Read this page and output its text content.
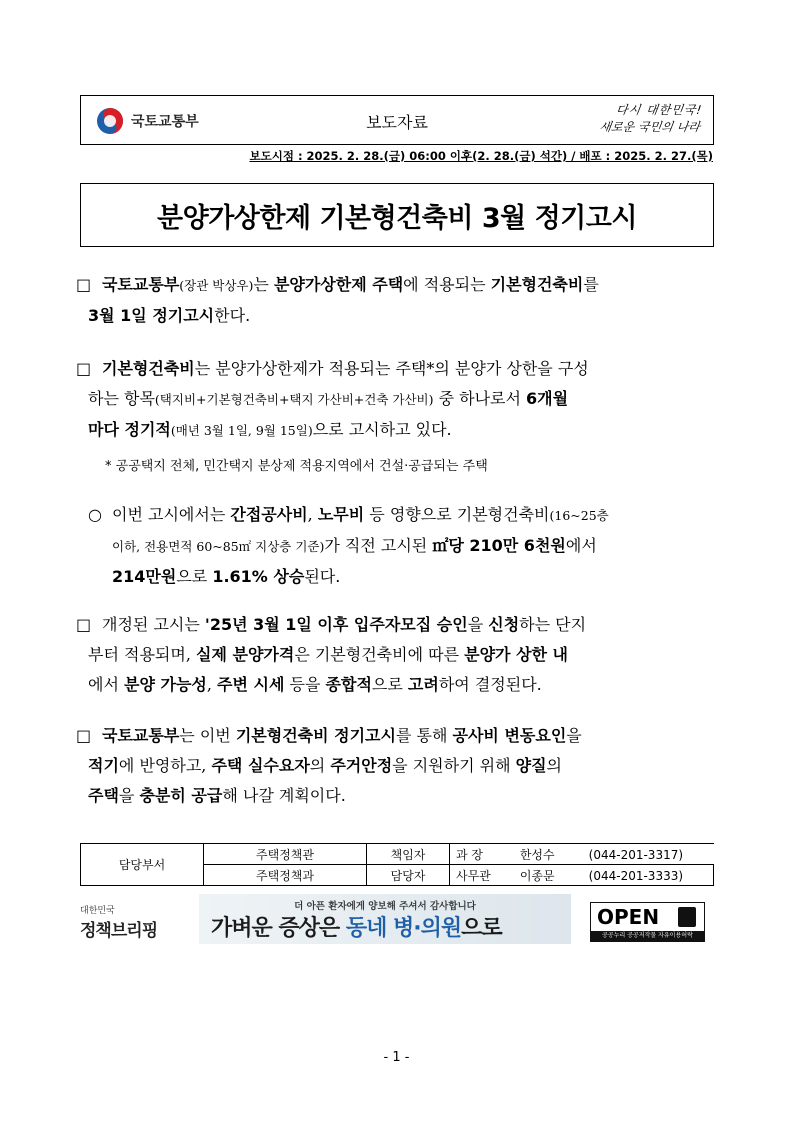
국토교통부	보도자료
다시 대한민국!
새로운 국민의 나라
보도시점 : 2025. 2. 28.(금) 06:00 이후(2. 28.(금) 석간) / 배포 : 2025. 2. 27.(목)
분양가상한제 기본형건축비 3월 정기고시
□ 국토교통부(장관 박상우)는 분양가상한제 주택에 적용되는 기본형건축비를
3월 1일 정기고시한다.
□ 기본형건축비는 분양가상한제가 적용되는 주택*의 분양가 상한을 구성
하는 항목(택지비+기본형건축비+택지 가산비+건축 가산비) 중 하나로서 6개월
마다 정기적(매년 3월 1일, 9월 15일)으로 고시하고 있다.
* 공공택지 전체, 민간택지 분상제 적용지역에서 건설·공급되는 주택
○ 이번 고시에서는 간접공사비, 노무비 등 영향으로 기본형건축비(16~25층
이하, 전용면적 60~85㎡ 지상층 기준)가 직전 고시된 ㎡당 210만 6천원에서
214만원으로 1.61% 상승된다.
□ 개정된 고시는 '25년 3월 1일 이후 입주자모집 승인을 신청하는 단지
부터 적용되며, 실제 분양가격은 기본형건축비에 따른 분양가 상한 내
에서 분양 가능성, 주변 시세 등을 종합적으로 고려하여 결정된다.
□ 국토교통부는 이번 기본형건축비 정기고시를 통해 공사비 변동요인을
적기에 반영하고, 주택 실수요자의 주거안정을 지원하기 위해 양질의
주택을 충분히 공급해 나갈 계획이다.
담당부서	주택정책관	책임자	과 장 한성수 (044-201-3317)
	주택정책과	담당자	사무관 이종문 (044-201-3333)
대한민국
정책브리핑
더 아픈 환자에게 양보해 주셔서 감사합니다
가벼운 증상은 동네 병·의원으로	OPEN
공공누리 공공저작물 자유이용허락
- 1 -
